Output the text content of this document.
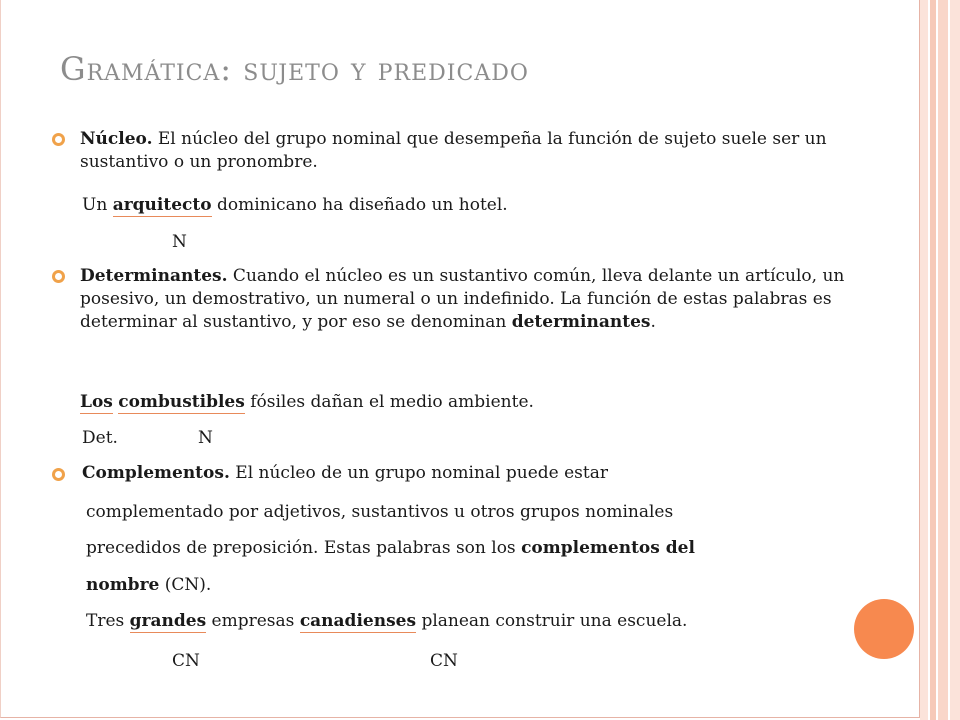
Gramática: sujeto y predicado
Núcleo. El núcleo del grupo nominal que desempeña la función de sujeto suele ser un sustantivo o un pronombre.
Un arquitecto dominicano ha diseñado un hotel.
N
Determinantes. Cuando el núcleo es un sustantivo común, lleva delante un artículo, un posesivo, un demostrativo, un numeral o un indefinido. La función de estas palabras es determinar al sustantivo, y por eso se denominan determinantes.
Los combustibles fósiles dañan el medio ambiente.
Det.	N
Complementos. El núcleo de un grupo nominal puede estar
complementado por adjetivos, sustantivos u otros grupos nominales
precedidos de preposición. Estas palabras son los complementos del
nombre (CN).
Tres grandes empresas canadienses planean construir una escuela.
CN	CN
